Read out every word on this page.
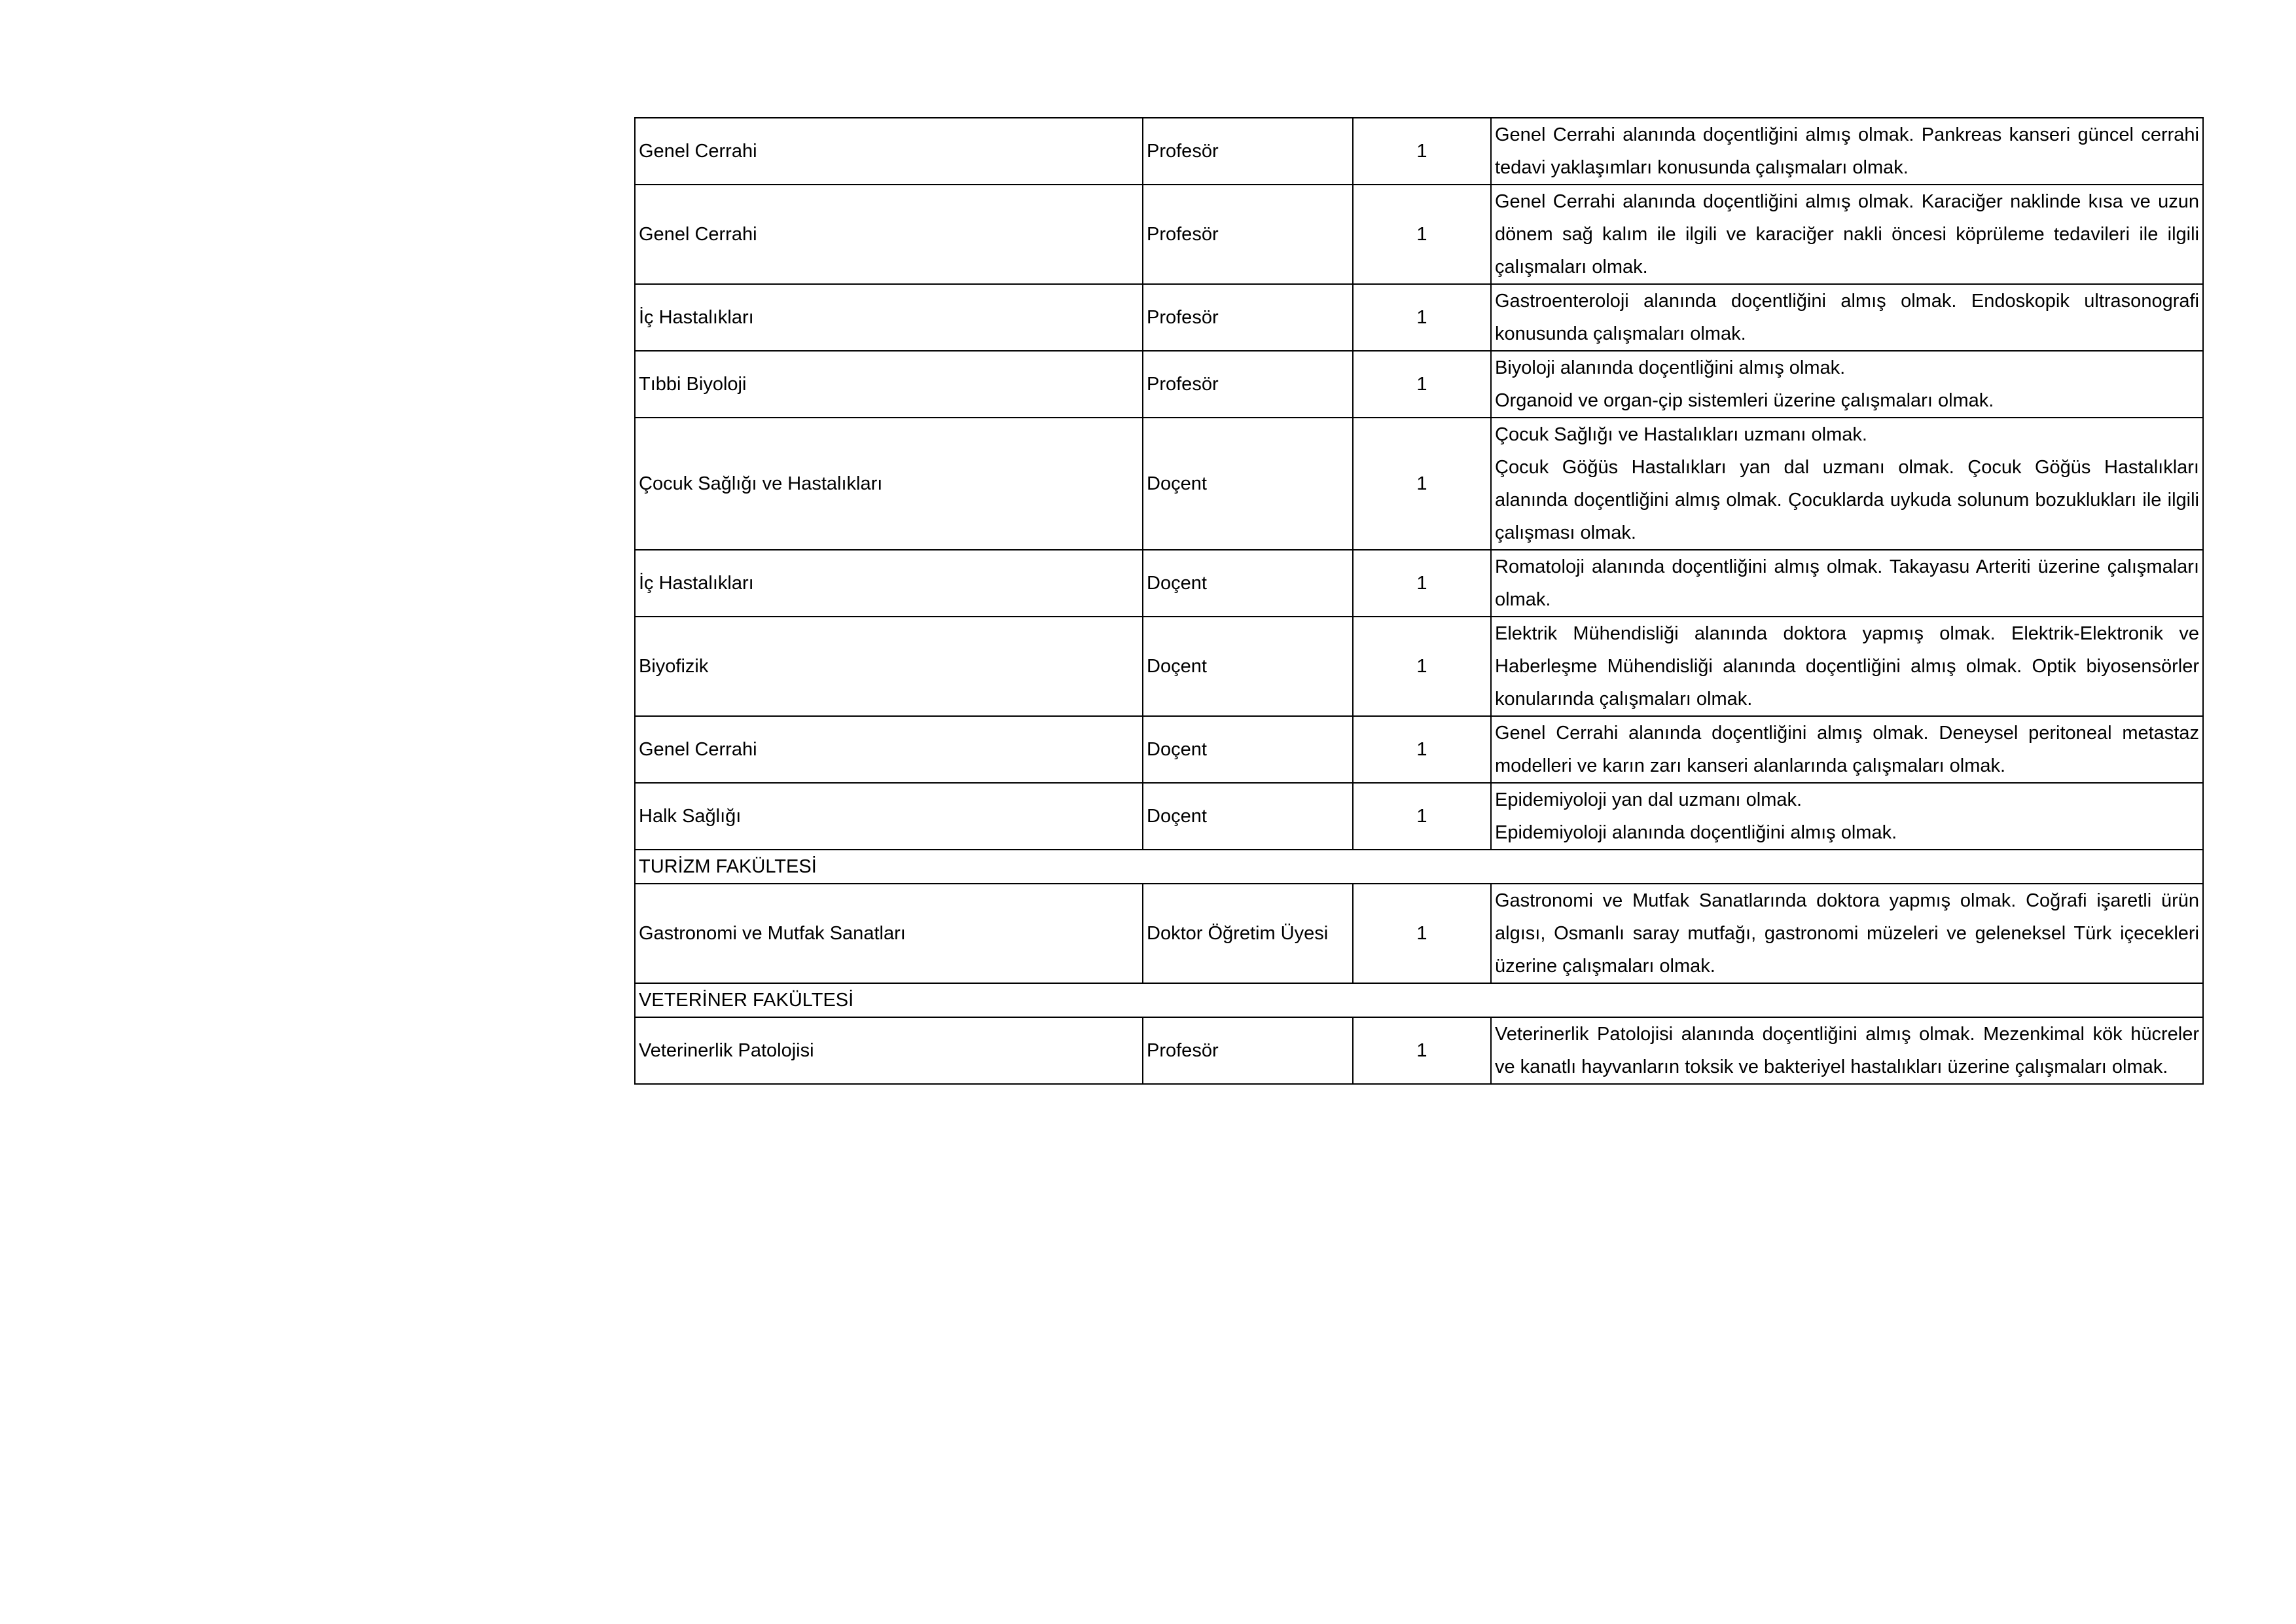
Genel Cerrahi	Profesör	1	Genel Cerrahi alanında doçentliğini almış olmak. Pankreas kanseri güncel cerrahi tedavi yaklaşımları konusunda çalışmaları olmak.

Genel Cerrahi	Profesör	1	Genel Cerrahi alanında doçentliğini almış olmak. Karaciğer naklinde kısa ve uzun dönem sağ kalım ile ilgili ve karaciğer nakli öncesi köprüleme tedavileri ile ilgili çalışmaları olmak.

İç Hastalıkları	Profesör	1	Gastroenteroloji alanında doçentliğini almış olmak. Endoskopik ultrasonografi konusunda çalışmaları olmak.

Tıbbi Biyoloji	Profesör	1	Biyoloji alanında doçentliğini almış olmak.
Organoid ve organ-çip sistemleri üzerine çalışmaları olmak.

Çocuk Sağlığı ve Hastalıkları	Doçent	1	Çocuk Sağlığı ve Hastalıkları uzmanı olmak.
Çocuk Göğüs Hastalıkları yan dal uzmanı olmak. Çocuk Göğüs Hastalıkları alanında doçentliğini almış olmak. Çocuklarda uykuda solunum bozuklukları ile ilgili çalışması olmak.

İç Hastalıkları	Doçent	1	Romatoloji alanında doçentliğini almış olmak. Takayasu Arteriti üzerine çalışmaları olmak.

Biyofizik	Doçent	1	Elektrik Mühendisliği alanında doktora yapmış olmak. Elektrik-Elektronik ve Haberleşme Mühendisliği alanında doçentliğini almış olmak. Optik biyosensörler konularında çalışmaları olmak.

Genel Cerrahi	Doçent	1	Genel Cerrahi alanında doçentliğini almış olmak. Deneysel peritoneal metastaz modelleri ve karın zarı kanseri alanlarında çalışmaları olmak.

Halk Sağlığı	Doçent	1	Epidemiyoloji yan dal uzmanı olmak.
Epidemiyoloji alanında doçentliğini almış olmak.

TURİZM FAKÜLTESİ			
Gastronomi ve Mutfak Sanatları	Doktor Öğretim Üyesi	1	Gastronomi ve Mutfak Sanatlarında doktora yapmış olmak. Coğrafi işaretli ürün algısı, Osmanlı saray mutfağı, gastronomi müzeleri ve geleneksel Türk içecekleri üzerine çalışmaları olmak.

VETERİNER FAKÜLTESİ			
Veterinerlik Patolojisi	Profesör	1	Veterinerlik Patolojisi alanında doçentliğini almış olmak. Mezenkimal kök hücreler ve kanatlı hayvanların toksik ve bakteriyel hastalıkları üzerine çalışmaları olmak.
